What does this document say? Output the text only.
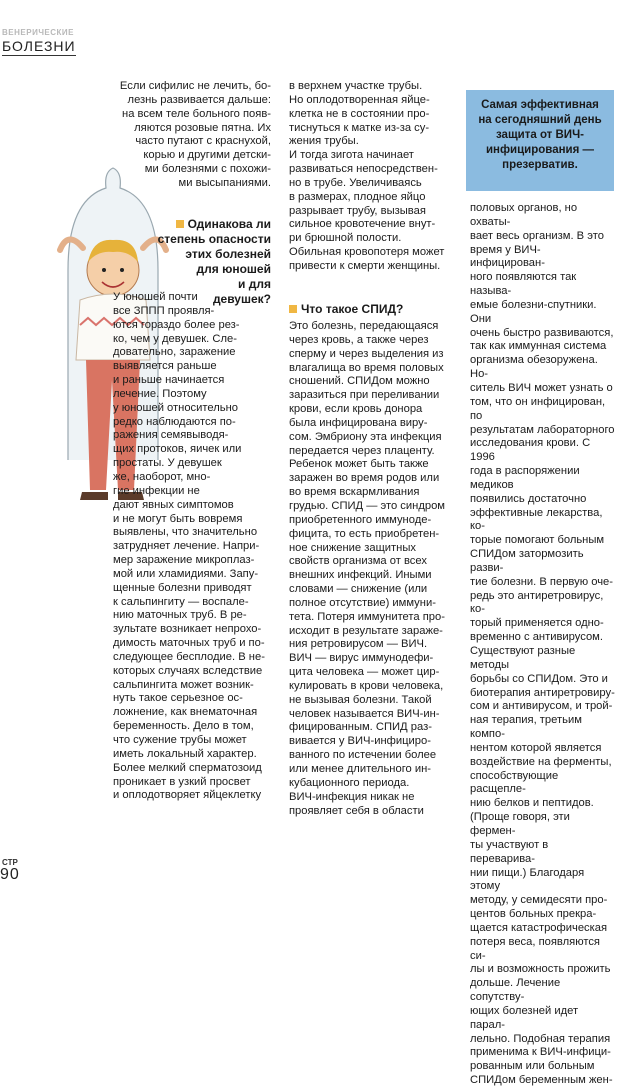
ВЕНЕРИЧЕСКИЕ
БОЛЕЗНИ
Если сифилис не лечить, бо-
лезнь развивается дальше:
на всем теле больного появ-
ляются розовые пятна. Их
часто путают с краснухой,
корью и другими детски-
ми болезнями с похожи-
ми высыпаниями.
Одинакова ли
степень опасности
этих болезней
для юношей
и для
девушек?
У юношей почти
все ЗППП проявля-
ются гораздо более рез-
ко, чем у девушек. Сле-
довательно, заражение
выявляется раньше
и раньше начинается
лечение. Поэтому
у юношей относительно
редко наблюдаются по-
ражения семявыводя-
щих протоков, яичек или
простаты. У девушек
же, наоборот, мно-
гие инфекции не
дают явных симптомов
и не могут быть вовремя
выявлены, что значительно
затрудняет лечение. Напри-
мер заражение микроплаз-
мой или хламидиями. Запу-
щенные болезни приводят
к сальпингиту — воспале-
нию маточных труб. В ре-
зультате возникает непрохо-
димость маточных труб и по-
следующее бесплодие. В не-
которых случаях вследствие
сальпингита может возник-
нуть такое серьезное ос-
ложнение, как внематочная
беременность. Дело в том,
что сужение трубы может
иметь локальный характер.
Более мелкий сперматозоид
проникает в узкий просвет
и оплодотворяет яйцеклетку
в верхнем участке трубы.
Но оплодотворенная яйце-
клетка не в состоянии про-
тиснуться к матке из-за су-
жения трубы.
И тогда зигота начинает
развиваться непосредствен-
но в трубе. Увеличиваясь
в размерах, плодное яйцо
разрывает трубу, вызывая
сильное кровотечение внут-
ри брюшной полости.
Обильная кровопотеря может
привести к смерти женщины.
Что такое СПИД?
Это болезнь, передающаяся
через кровь, а также через
сперму и через выделения из
влагалища во время половых
сношений. СПИДом можно
заразиться при переливании
крови, если кровь донора
была инфицирована виру-
сом. Эмбриону эта инфекция
передается через плаценту.
Ребенок может быть также
заражен во время родов или
во время вскармливания
грудью. СПИД — это синдром
приобретенного иммуноде-
фицита, то есть приобретен-
ное снижение защитных
свойств организма от всех
внешних инфекций. Иными
словами — снижение (или
полное отсутствие) иммуни-
тета. Потеря иммунитета про-
исходит в результате зараже-
ния ретровирусом — ВИЧ.
ВИЧ — вирус иммунодефи-
цита человека — может цир-
кулировать в крови человека,
не вызывая болезни. Такой
человек называется ВИЧ-ин-
фицированным. СПИД раз-
вивается у ВИЧ-инфициро-
ванного по истечении более
или менее длительного ин-
кубационного периода.
ВИЧ-инфекция никак не
проявляет себя в области
Самая эффективная
на сегодняшний день
защита от ВИЧ-
инфицирования —
презерватив.
половых органов, но охваты-
вает весь организм. В это
время у ВИЧ-инфицирован-
ного появляются так называ-
емые болезни-спутники. Они
очень быстро развиваются,
так как иммунная система
организма обезоружена. Но-
ситель ВИЧ может узнать о
том, что он инфицирован, по
результатам лабораторного
исследования крови. С 1996
года в распоряжении медиков
появились достаточно
эффективные лекарства, ко-
торые помогают больным
СПИДом затормозить разви-
тие болезни. В первую оче-
редь это антиретровирус, ко-
торый применяется одно-
временно с антивирусом.
Существуют разные методы
борьбы со СПИДом. Это и
биотерапия антиретровиру-
сом и антивирусом, и трой-
ная терапия, третьим компо-
нентом которой является
воздействие на ферменты,
способствующие расщепле-
нию белков и пептидов.
(Проще говоря, эти фермен-
ты участвуют в переварива-
нии пищи.) Благодаря этому
методу, у семидесяти про-
центов больных прекра-
щается катастрофическая
потеря веса, появляются си-
лы и возможность прожить
дольше. Лечение сопутству-
ющих болезней идет парал-
лельно. Подобная терапия
применима к ВИЧ-инфици-
рованным или больным
СПИДом беременным жен-
СТР
90
